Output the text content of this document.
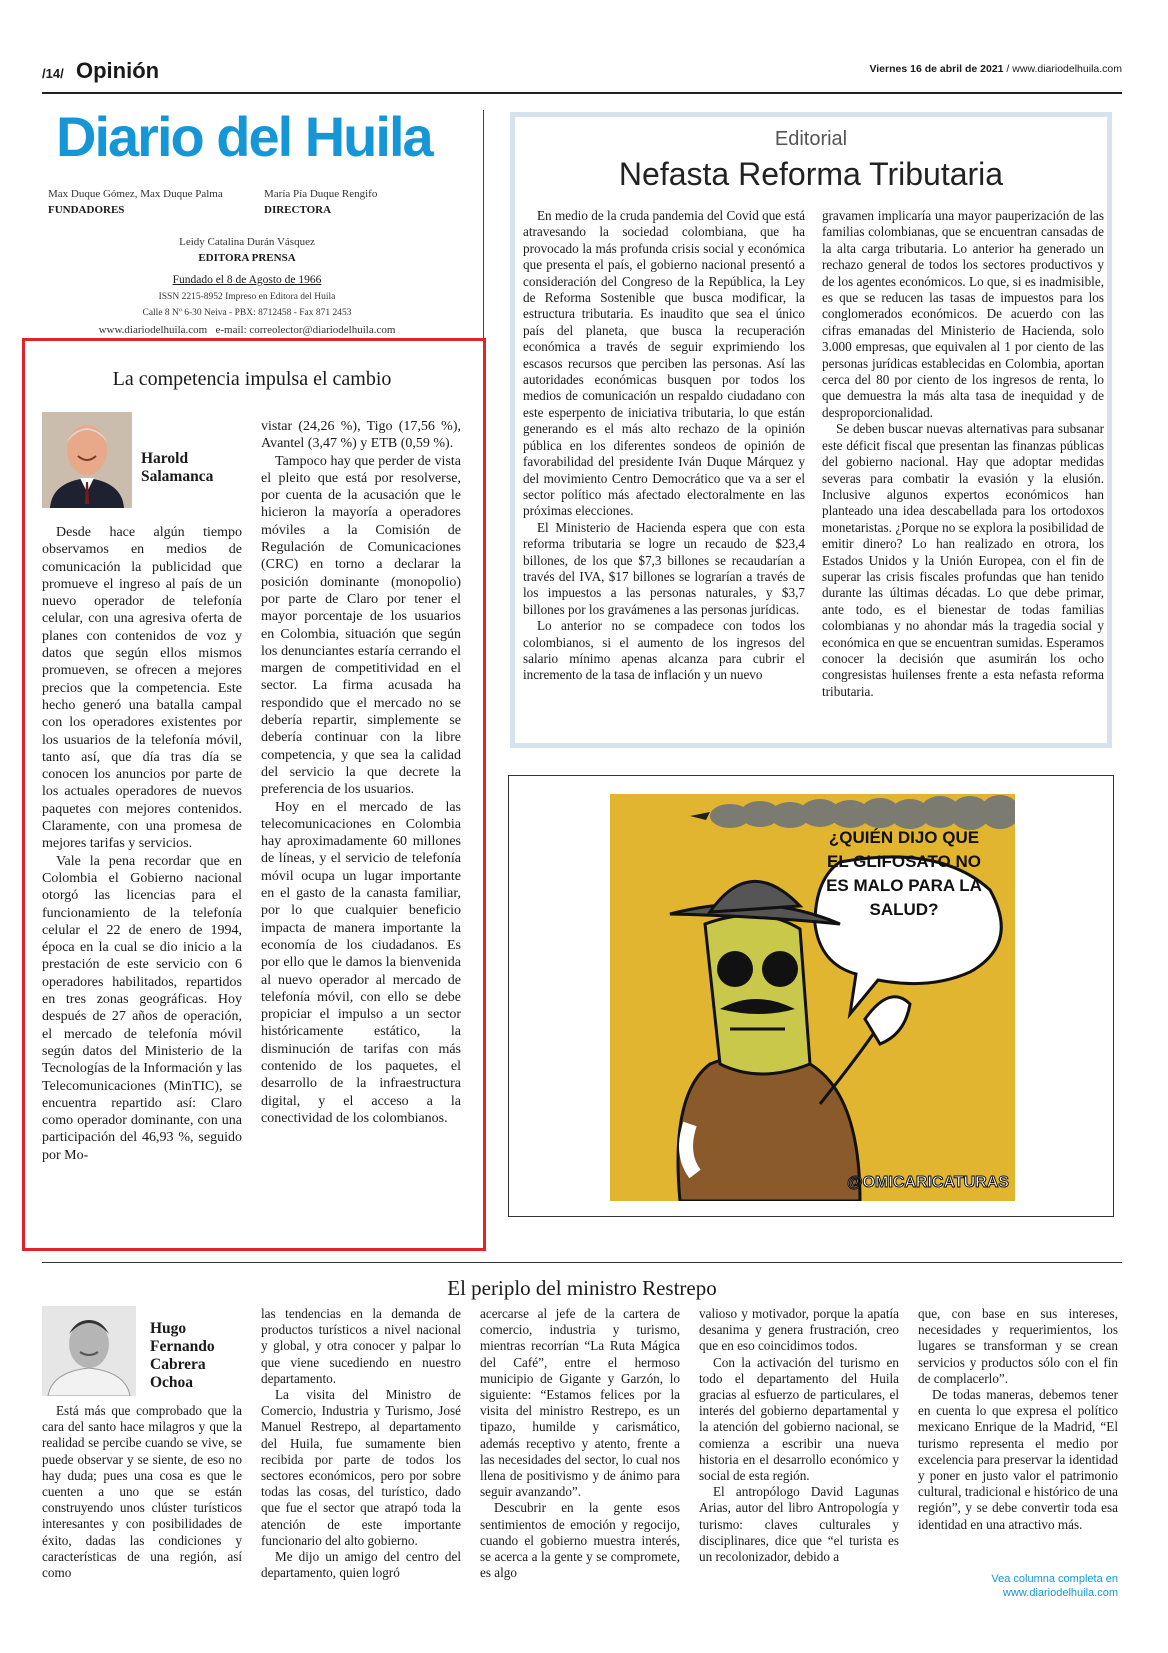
/14/ Opinión	Viernes 16 de abril de 2021 / www.diariodelhuila.com
Diario del Huila
Max Duque Gómez, Max Duque Palma
FUNDADORES
María Pía Duque Rengifo
DIRECTORA
Leidy Catalina Durán Vásquez
EDITORA PRENSA
Fundado el 8 de Agosto de 1966
ISSN 2215-8952 Impreso en Editora del Huila
Calle 8 Nº 6-30 Neiva - PBX: 8712458 - Fax 871 2453
www.diariodelhuila.com e-mail: correolector@diariodelhuila.com
Editorial
Nefasta Reforma Tributaria

En medio de la cruda pandemia del Covid que está atravesando la sociedad colombiana, que ha provocado la más profunda crisis social y económica que presenta el país, el gobierno nacional presentó a consideración del Congreso de la República, la Ley de Reforma Sostenible que busca modificar, la estructura tributaria. Es inaudito que sea el único país del planeta, que busca la recuperación económica a través de seguir exprimiendo los escasos recursos que perciben las personas. Así las autoridades económicas busquen por todos los medios de comunicación un respaldo ciudadano con este esperpento de iniciativa tributaria, lo que están generando es el más alto rechazo de la opinión pública en los diferentes sondeos de opinión de favorabilidad del presidente Iván Duque Márquez y del movimiento Centro Democrático que va a ser el sector político más afectado electoralmente en las próximas elecciones.

El Ministerio de Hacienda espera que con esta reforma tributaria se logre un recaudo de $23,4 billones, de los que $7,3 billones se recaudarían a través del IVA, $17 billones se lograrían a través de los impuestos a las personas naturales, y $3,7 billones por los gravámenes a las personas jurídicas.

Lo anterior no se compadece con todos los colombianos, si el aumento de los ingresos del salario mínimo apenas alcanza para cubrir el incremento de la tasa de inflación y un nuevo

gravamen implicaría una mayor pauperización de las familias colombianas, que se encuentran cansadas de la alta carga tributaria. Lo anterior ha generado un rechazo general de todos los sectores productivos y de los agentes económicos. Lo que, si es inadmisible, es que se reducen las tasas de impuestos para los conglomerados económicos. De acuerdo con las cifras emanadas del Ministerio de Hacienda, solo 3.000 empresas, que equivalen al 1 por ciento de las personas jurídicas establecidas en Colombia, aportan cerca del 80 por ciento de los ingresos de renta, lo que demuestra la más alta tasa de inequidad y de desproporcionalidad.

Se deben buscar nuevas alternativas para subsanar este déficit fiscal que presentan las finanzas públicas del gobierno nacional. Hay que adoptar medidas severas para combatir la evasión y la elusión. Inclusive algunos expertos económicos han planteado una idea descabellada para los ortodoxos monetaristas. ¿Porque no se explora la posibilidad de emitir dinero? Lo han realizado en otrora, los Estados Unidos y la Unión Europea, con el fin de superar las crisis fiscales profundas que han tenido durante las últimas décadas. Lo que debe primar, ante todo, es el bienestar de todas familias colombianas y no ahondar más la tragedia social y económica en que se encuentran sumidas. Esperamos conocer la decisión que asumirán los ocho congresistas huilenses frente a esta nefasta reforma tributaria.

La competencia impulsa el cambio
Harold
Salamanca

Desde hace algún tiempo observamos en medios de comunicación la publicidad que promueve el ingreso al país de un nuevo operador de telefonía celular, con una agresiva oferta de planes con contenidos de voz y datos que según ellos mismos promueven, se ofrecen a mejores precios que la competencia. Este hecho generó una batalla campal con los operadores existentes por los usuarios de la telefonía móvil, tanto así, que día tras día se conocen los anuncios por parte de los actuales operadores de nuevos paquetes con mejores contenidos. Claramente, con una promesa de mejores tarifas y servicios.

Vale la pena recordar que en Colombia el Gobierno nacional otorgó las licencias para el funcionamiento de la telefonía celular el 22 de enero de 1994, época en la cual se dio inicio a la prestación de este servicio con 6 operadores habilitados, repartidos en tres zonas geográficas. Hoy después de 27 años de operación, el mercado de telefonía móvil según datos del Ministerio de la Tecnologías de la Información y las Telecomunicaciones (MinTIC), se encuentra repartido así: Claro como operador dominante, con una participación del 46,93 %, seguido por Mo-

vistar (24,26 %), Tigo (17,56 %), Avantel (3,47 %) y ETB (0,59 %).

Tampoco hay que perder de vista el pleito que está por resolverse, por cuenta de la acusación que le hicieron la mayoría a operadores móviles a la Comisión de Regulación de Comunicaciones (CRC) en torno a declarar la posición dominante (monopolio) por parte de Claro por tener el mayor porcentaje de los usuarios en Colombia, situación que según los denunciantes estaría cerrando el margen de competitividad en el sector. La firma acusada ha respondido que el mercado no se debería repartir, simplemente se debería continuar con la libre competencia, y que sea la calidad del servicio la que decrete la preferencia de los usuarios.

Hoy en el mercado de las telecomunicaciones en Colombia hay aproximadamente 60 millones de líneas, y el servicio de telefonía móvil ocupa un lugar importante en el gasto de la canasta familiar, por lo que cualquier beneficio impacta de manera importante la economía de los ciudadanos. Es por ello que le damos la bienvenida al nuevo operador al mercado de telefonía móvil, con ello se debe propiciar el impulso a un sector históricamente estático, la disminución de tarifas con más contenido de los paquetes, el desarrollo de la infraestructura digital, y el acceso a la conectividad de los colombianos.

¿QUIÉN DIJO QUE EL GLIFOSATO NO ES MALO PARA LA SALUD?
@OMICARICATURAS
El periplo del ministro Restrepo
Hugo
Fernando
Cabrera
Ochoa

Está más que comprobado que la cara del santo hace milagros y que la realidad se percibe cuando se vive, se puede observar y se siente, de eso no hay duda; pues una cosa es que le cuenten a uno que se están construyendo unos clúster turísticos interesantes y con posibilidades de éxito, dadas las condiciones y características de una región, así como

las tendencias en la demanda de productos turísticos a nivel nacional y global, y otra conocer y palpar lo que viene sucediendo en nuestro departamento.

La visita del Ministro de Comercio, Industria y Turismo, José Manuel Restrepo, al departamento del Huila, fue sumamente bien recibida por parte de todos los sectores económicos, pero por sobre todas las cosas, del turístico, dado que fue el sector que atrapó toda la atención de este importante funcionario del alto gobierno.

Me dijo un amigo del centro del departamento, quien logró

acercarse al jefe de la cartera de comercio, industria y turismo, mientras recorrían “La Ruta Mágica del Café”, entre el hermoso municipio de Gigante y Garzón, lo siguiente: “Estamos felices por la visita del ministro Restrepo, es un tipazo, humilde y carismático, además receptivo y atento, frente a las necesidades del sector, lo cual nos llena de positivismo y de ánimo para seguir avanzando”.

Descubrir en la gente esos sentimientos de emoción y regocijo, cuando el gobierno muestra interés, se acerca a la gente y se compromete, es algo

valioso y motivador, porque la apatía desanima y genera frustración, creo que en eso coincidimos todos.

Con la activación del turismo en todo el departamento del Huila gracias al esfuerzo de particulares, el interés del gobierno departamental y la atención del gobierno nacional, se comienza a escribir una nueva historia en el desarrollo económico y social de esta región.

El antropólogo David Lagunas Arias, autor del libro Antropología y turismo: claves culturales y disciplinares, dice que “el turista es un recolonizador, debido a

que, con base en sus intereses, necesidades y requerimientos, los lugares se transforman y se crean servicios y productos sólo con el fin de complacerlo”.

De todas maneras, debemos tener en cuenta lo que expresa el político mexicano Enrique de la Madrid, “El turismo representa el medio por excelencia para preservar la identidad y poner en justo valor el patrimonio cultural, tradicional e histórico de una región”, y se debe convertir toda esa identidad en una atractivo más.

Vea columna completa en
www.diariodelhuila.com
